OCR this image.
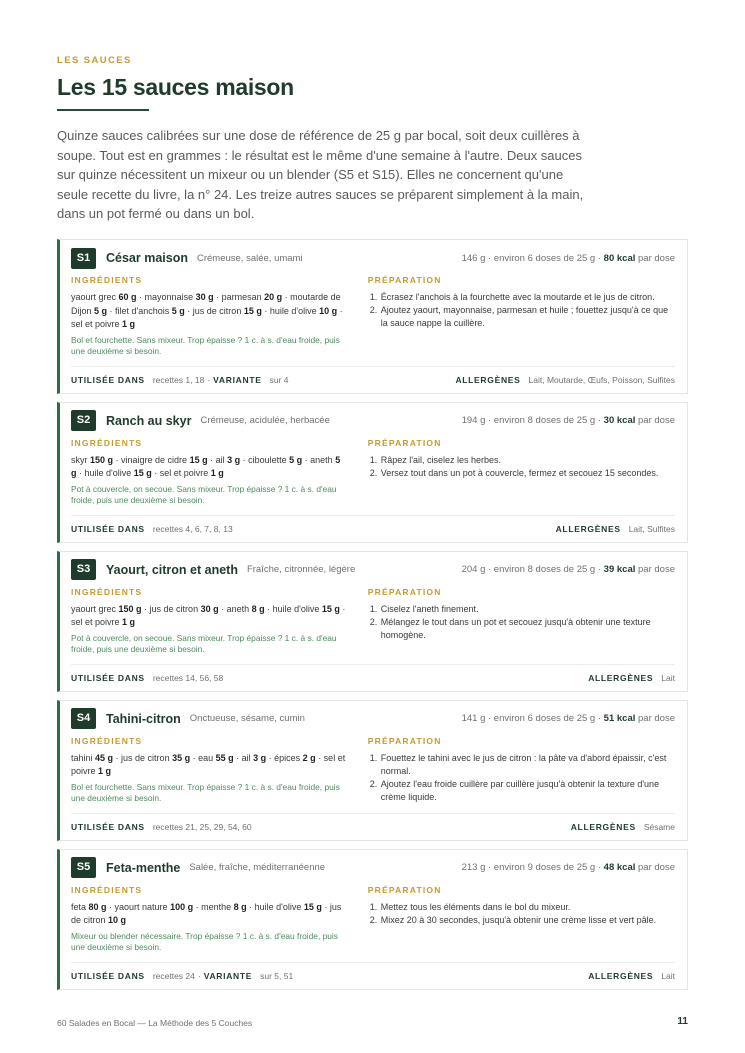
LES SAUCES
Les 15 sauces maison

Quinze sauces calibrées sur une dose de référence de 25 g par bocal, soit deux cuillères à soupe. Tout est en grammes : le résultat est le même d'une semaine à l'autre. Deux sauces sur quinze nécessitent un mixeur ou un blender (S5 et S15). Elles ne concernent qu'une seule recette du livre, la n° 24. Les treize autres sauces se préparent simplement à la main, dans un pot fermé ou dans un bol.

S1	César maison Crémeuse, salée, umami	146 g · environ 6 doses de 25 g · 80 kcal par dose
INGRÉDIENTS
yaourt grec 60 g · mayonnaise 30 g · parmesan 20 g · moutarde de Dijon 5 g · filet d'anchois 5 g · jus de citron 15 g · huile d'olive 10 g · sel et poivre 1 g
Bol et fourchette. Sans mixeur. Trop épaisse ? 1 c. à s. d'eau froide, puis une deuxième si besoin.
PRÉPARATION
1. Écrasez l'anchois à la fourchette avec la moutarde et le jus de citron.
2. Ajoutez yaourt, mayonnaise, parmesan et huile ; fouettez jusqu'à ce que la sauce nappe la cuillère.
UTILISÉE DANS recettes 1, 18 · VARIANTE sur 4	ALLERGÈNES Lait, Moutarde, Œufs, Poisson, Sulfites
S2	Ranch au skyr Crémeuse, acidulée, herbacée	194 g · environ 8 doses de 25 g · 30 kcal par dose
INGRÉDIENTS
skyr 150 g · vinaigre de cidre 15 g · ail 3 g · ciboulette 5 g · aneth 5 g · huile d'olive 15 g · sel et poivre 1 g
Pot à couvercle, on secoue. Sans mixeur. Trop épaisse ? 1 c. à s. d'eau froide, puis une deuxième si besoin.
PRÉPARATION
1. Râpez l'ail, ciselez les herbes.
2. Versez tout dans un pot à couvercle, fermez et secouez 15 secondes.
UTILISÉE DANS recettes 4, 6, 7, 8, 13	ALLERGÈNES Lait, Sulfites
S3	Yaourt, citron et aneth Fraîche, citronnée, légère	204 g · environ 8 doses de 25 g · 39 kcal par dose
INGRÉDIENTS
yaourt grec 150 g · jus de citron 30 g · aneth 8 g · huile d'olive 15 g · sel et poivre 1 g
Pot à couvercle, on secoue. Sans mixeur. Trop épaisse ? 1 c. à s. d'eau froide, puis une deuxième si besoin.
PRÉPARATION
1. Ciselez l'aneth finement.
2. Mélangez le tout dans un pot et secouez jusqu'à obtenir une texture homogène.
UTILISÉE DANS recettes 14, 56, 58	ALLERGÈNES Lait
S4	Tahini-citron Onctueuse, sésame, cumin	141 g · environ 6 doses de 25 g · 51 kcal par dose
INGRÉDIENTS
tahini 45 g · jus de citron 35 g · eau 55 g · ail 3 g · épices 2 g · sel et poivre 1 g
Bol et fourchette. Sans mixeur. Trop épaisse ? 1 c. à s. d'eau froide, puis une deuxième si besoin.
PRÉPARATION
1. Fouettez le tahini avec le jus de citron : la pâte va d'abord épaissir, c'est normal.
2. Ajoutez l'eau froide cuillère par cuillère jusqu'à obtenir la texture d'une crème liquide.
UTILISÉE DANS recettes 21, 25, 29, 54, 60	ALLERGÈNES Sésame
S5	Feta-menthe Salée, fraîche, méditerranéenne	213 g · environ 9 doses de 25 g · 48 kcal par dose
INGRÉDIENTS
feta 80 g · yaourt nature 100 g · menthe 8 g · huile d'olive 15 g · jus de citron 10 g
Mixeur ou blender nécessaire. Trop épaisse ? 1 c. à s. d'eau froide, puis une deuxième si besoin.
PRÉPARATION
1. Mettez tous les éléments dans le bol du mixeur.
2. Mixez 20 à 30 secondes, jusqu'à obtenir une crème lisse et vert pâle.
UTILISÉE DANS recettes 24 · VARIANTE sur 5, 51	ALLERGÈNES Lait
60 Salades en Bocal — La Méthode des 5 Couches	11
